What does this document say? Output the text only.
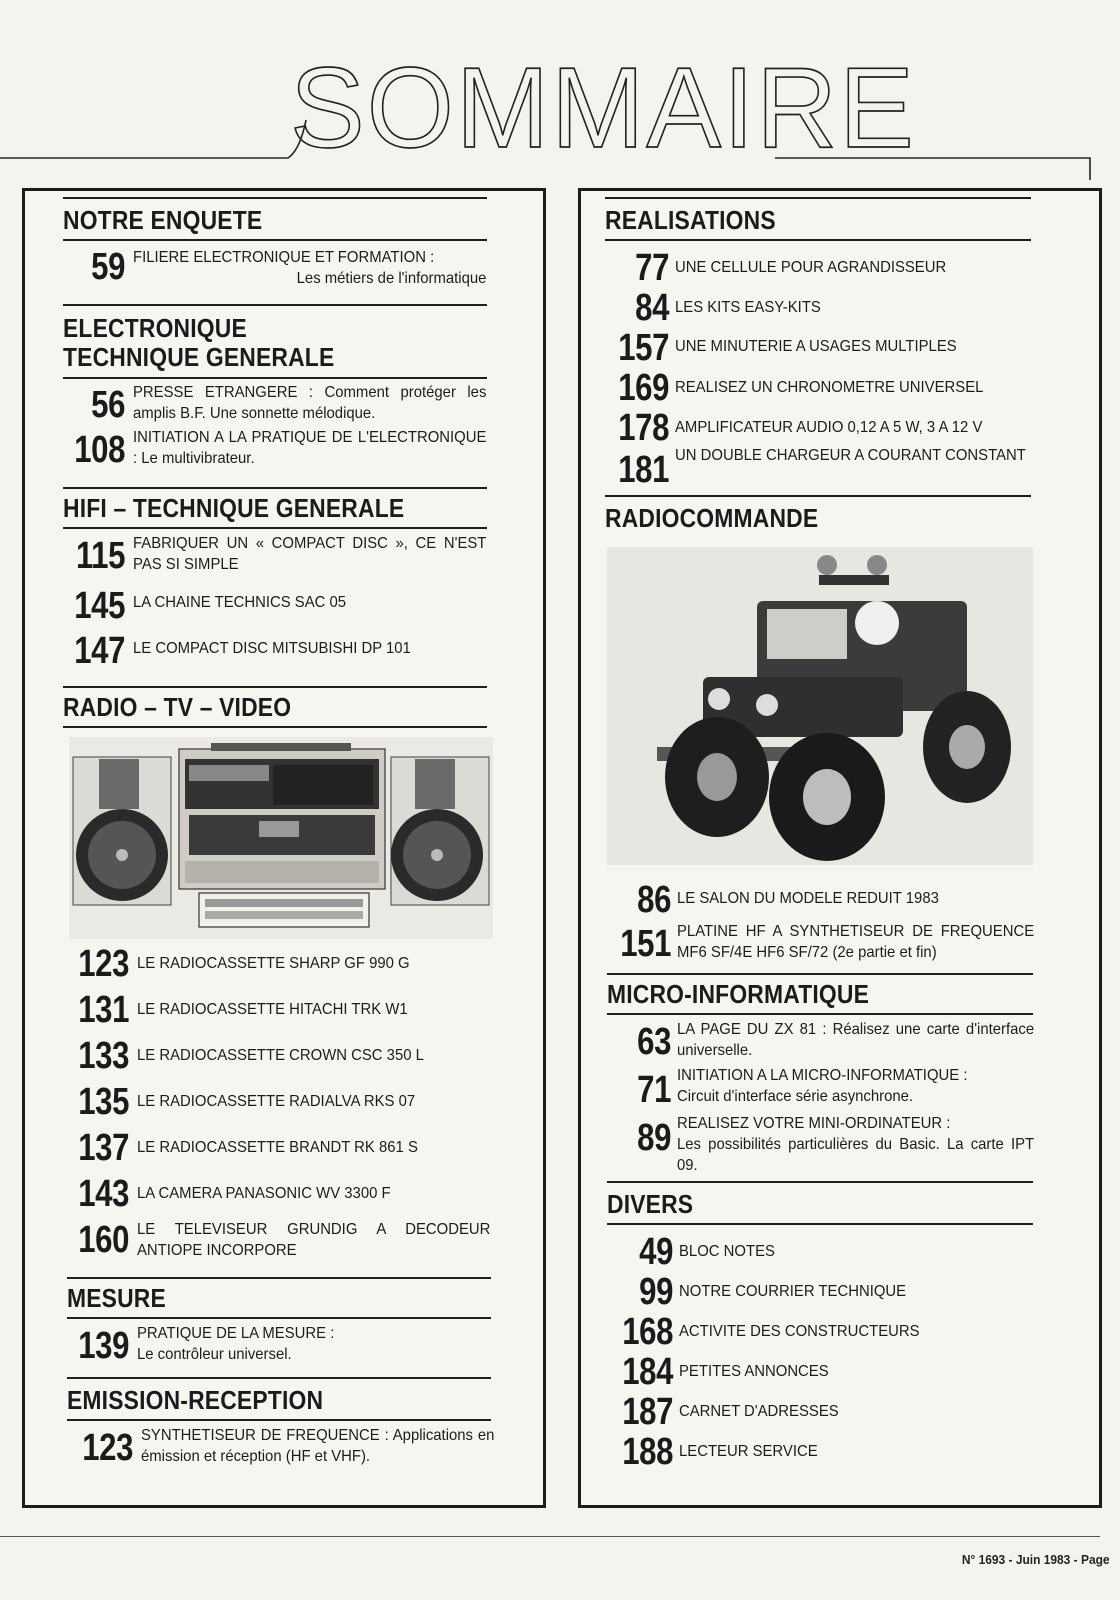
SOMMAIRE
NOTRE ENQUETE
59 FILIERE ELECTRONIQUE ET FORMATION :
Les métiers de l'informatique
ELECTRONIQUE
TECHNIQUE GENERALE
56 PRESSE ETRANGERE : Comment protéger les amplis B.F. Une sonnette mélodique.
108 INITIATION A LA PRATIQUE DE L'ELECTRONIQUE : Le multivibrateur.
HIFI – TECHNIQUE GENERALE
115 FABRIQUER UN « COMPACT DISC », CE N'EST PAS SI SIMPLE
145 LA CHAINE TECHNICS SAC 05
147 LE COMPACT DISC MITSUBISHI DP 101
RADIO – TV – VIDEO
123 LE RADIOCASSETTE SHARP GF 990 G
131 LE RADIOCASSETTE HITACHI TRK W1
133 LE RADIOCASSETTE CROWN CSC 350 L
135 LE RADIOCASSETTE RADIALVA RKS 07
137 LE RADIOCASSETTE BRANDT RK 861 S
143 LA CAMERA PANASONIC WV 3300 F
160 LE TELEVISEUR GRUNDIG A DECODEUR ANTIOPE INCORPORE
MESURE
139 PRATIQUE DE LA MESURE :
Le contrôleur universel.
EMISSION-RECEPTION
123 SYNTHETISEUR DE FREQUENCE : Applications en émission et réception (HF et VHF).
REALISATIONS
77 UNE CELLULE POUR AGRANDISSEUR
84 LES KITS EASY-KITS
157 UNE MINUTERIE A USAGES MULTIPLES
169 REALISEZ UN CHRONOMETRE UNIVERSEL
178 AMPLIFICATEUR AUDIO 0,12 A 5 W, 3 A 12 V
181 UN DOUBLE CHARGEUR A COURANT CONSTANT
RADIOCOMMANDE
86 LE SALON DU MODELE REDUIT 1983
151 PLATINE HF A SYNTHETISEUR DE FREQUENCE MF6 SF/4E HF6 SF/72 (2e partie et fin)
MICRO-INFORMATIQUE
63 LA PAGE DU ZX 81 : Réalisez une carte d'interface universelle.
71 INITIATION A LA MICRO-INFORMATIQUE :
Circuit d'interface série asynchrone.
89 REALISEZ VOTRE MINI-ORDINATEUR :
Les possibilités particulières du Basic. La carte IPT 09.
DIVERS
49 BLOC NOTES
99 NOTRE COURRIER TECHNIQUE
168 ACTIVITE DES CONSTRUCTEURS
184 PETITES ANNONCES
187 CARNET D'ADRESSES
188 LECTEUR SERVICE
N° 1693 - Juin 1983 - Page
